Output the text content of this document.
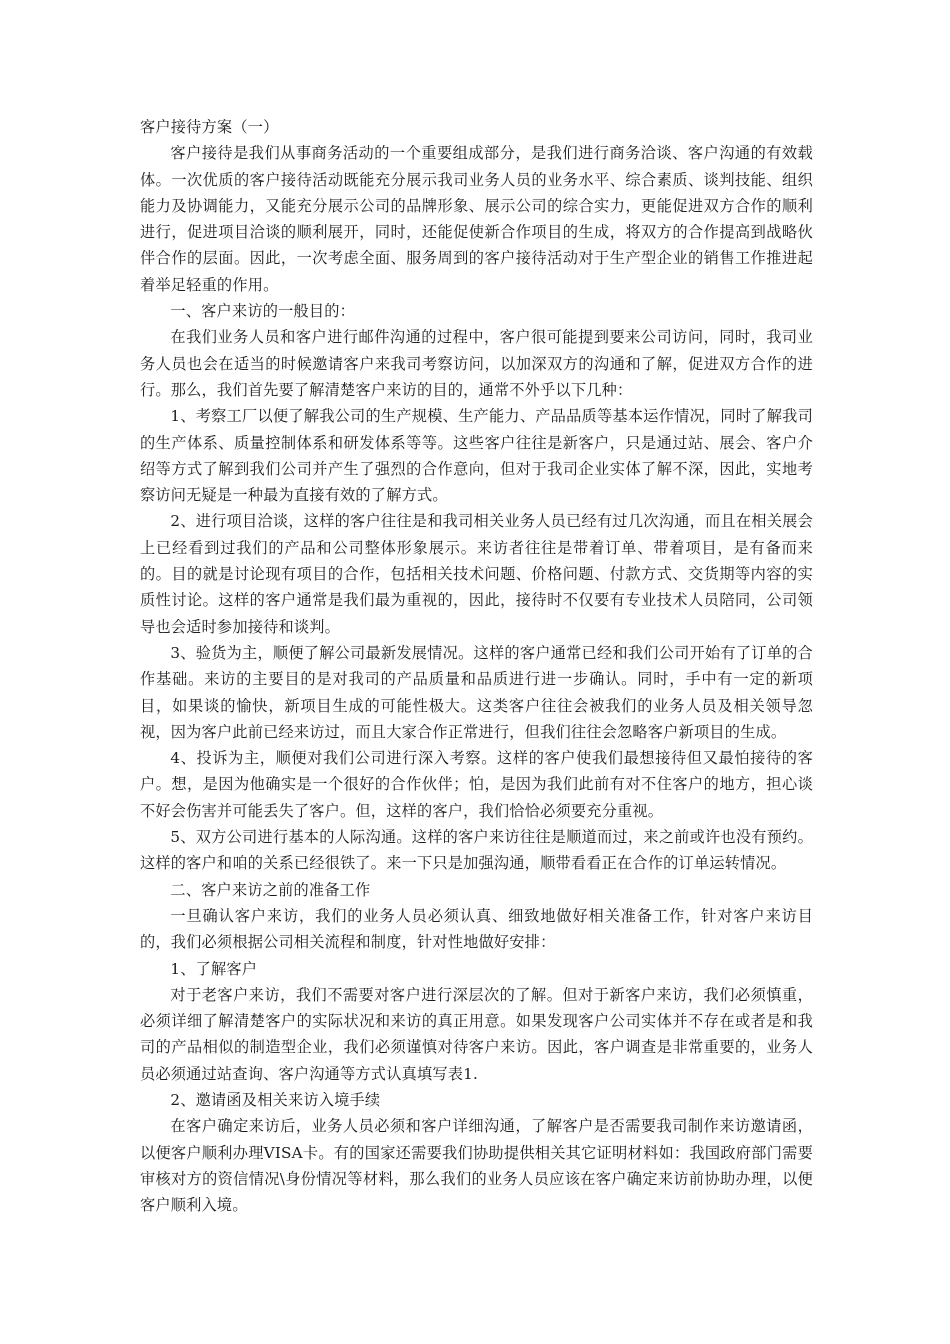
客户接待方案（一）

客户接待是我们从事商务活动的一个重要组成部分，是我们进行商务洽谈、客户沟通的有效载体。一次优质的客户接待活动既能充分展示我司业务人员的业务水平、综合素质、谈判技能、组织能力及协调能力，又能充分展示公司的品牌形象、展示公司的综合实力，更能促进双方合作的顺利进行，促进项目洽谈的顺利展开，同时，还能促使新合作项目的生成，将双方的合作提高到战略伙伴合作的层面。因此，一次考虑全面、服务周到的客户接待活动对于生产型企业的销售工作推进起着举足轻重的作用。

一、客户来访的一般目的：

在我们业务人员和客户进行邮件沟通的过程中，客户很可能提到要来公司访问，同时，我司业务人员也会在适当的时候邀请客户来我司考察访问，以加深双方的沟通和了解，促进双方合作的进行。那么，我们首先要了解清楚客户来访的目的，通常不外乎以下几种：

1、考察工厂以便了解我公司的生产规模、生产能力、产品品质等基本运作情况，同时了解我司的生产体系、质量控制体系和研发体系等等。这些客户往往是新客户，只是通过站、展会、客户介绍等方式了解到我们公司并产生了强烈的合作意向，但对于我司企业实体了解不深，因此，实地考察访问无疑是一种最为直接有效的了解方式。

2、进行项目洽谈，这样的客户往往是和我司相关业务人员已经有过几次沟通，而且在相关展会上已经看到过我们的产品和公司整体形象展示。来访者往往是带着订单、带着项目，是有备而来的。目的就是讨论现有项目的合作，包括相关技术问题、价格问题、付款方式、交货期等内容的实质性讨论。这样的客户通常是我们最为重视的，因此，接待时不仅要有专业技术人员陪同，公司领导也会适时参加接待和谈判。

3、验货为主，顺便了解公司最新发展情况。这样的客户通常已经和我们公司开始有了订单的合作基础。来访的主要目的是对我司的产品质量和品质进行进一步确认。同时，手中有一定的新项目，如果谈的愉快，新项目生成的可能性极大。这类客户往往会被我们的业务人员及相关领导忽视，因为客户此前已经来访过，而且大家合作正常进行，但我们往往会忽略客户新项目的生成。

4、投诉为主，顺便对我们公司进行深入考察。这样的客户使我们最想接待但又最怕接待的客户。想，是因为他确实是一个很好的合作伙伴；怕，是因为我们此前有对不住客户的地方，担心谈不好会伤害并可能丢失了客户。但，这样的客户，我们恰恰必须要充分重视。

5、双方公司进行基本的人际沟通。这样的客户来访往往是顺道而过，来之前或许也没有预约。这样的客户和咱的关系已经很铁了。来一下只是加强沟通，顺带看看正在合作的订单运转情况。

二、客户来访之前的准备工作

一旦确认客户来访，我们的业务人员必须认真、细致地做好相关准备工作，针对客户来访目的，我们必须根据公司相关流程和制度，针对性地做好安排：

1、了解客户

对于老客户来访，我们不需要对客户进行深层次的了解。但对于新客户来访，我们必须慎重，必须详细了解清楚客户的实际状况和来访的真正用意。如果发现客户公司实体并不存在或者是和我司的产品相似的制造型企业，我们必须谨慎对待客户来访。因此，客户调查是非常重要的，业务人员必须通过站查询、客户沟通等方式认真填写表1.

2、邀请函及相关来访入境手续

在客户确定来访后，业务人员必须和客户详细沟通，了解客户是否需要我司制作来访邀请函，以便客户顺利办理VISA卡。有的国家还需要我们协助提供相关其它证明材料如：我国政府部门需要审核对方的资信情况\身份情况等材料，那么我们的业务人员应该在客户确定来访前协助办理，以便客户顺利入境。
